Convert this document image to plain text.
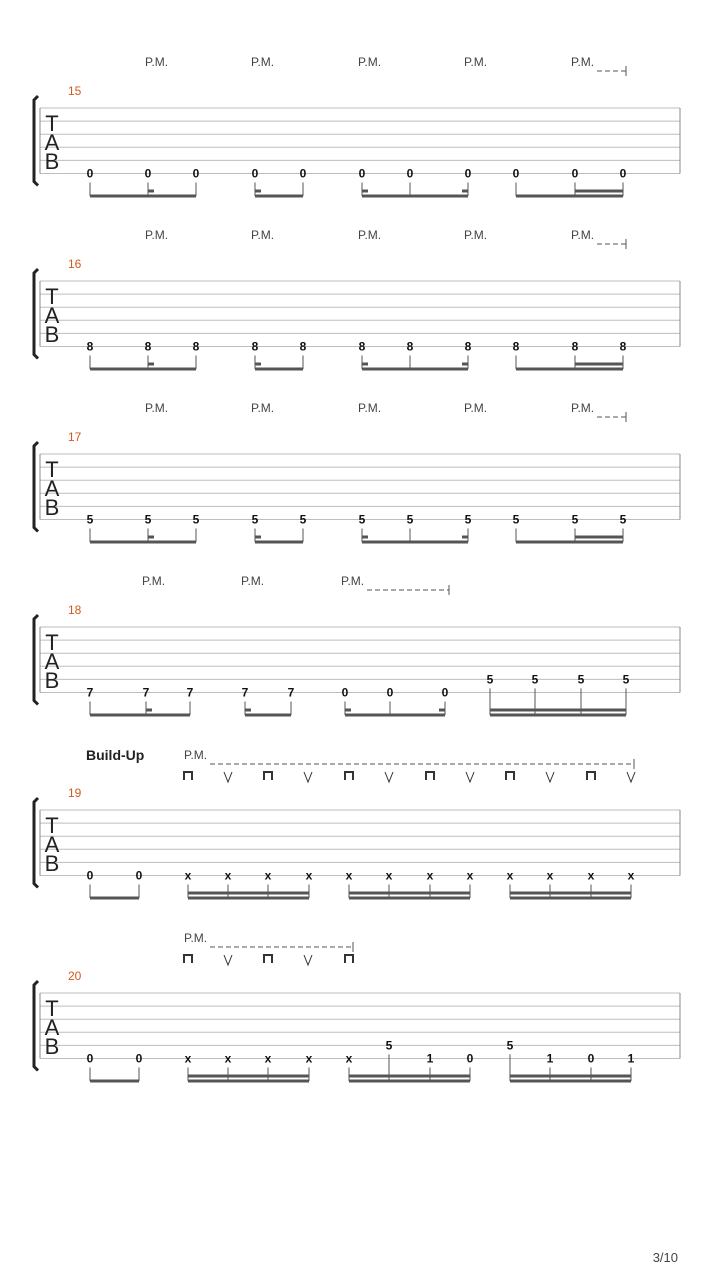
P.M.	P.M.	P.M.	P.M.	P.M.
T
A
B
15
0	0	0	0	0	0	0	0	0	0	0
P.M.	P.M.	P.M.	P.M.	P.M.
T
A
B
16
8	8	8	8	8	8	8	8	8	8	8
P.M.	P.M.	P.M.	P.M.	P.M.
T
A
B
17
5	5	5	5	5	5	5	5	5	5	5
P.M.	P.M.	P.M.
T
A
B
18
7	7	7	7	7	0	0	0
5	5	5	5
Build-Up	P.M.
T
A
B
19
0	0	x	x	x	x	x	x	x	x	x	x	x	x
P.M.
T
A
B
20
0	0	x	x	x	x	x
5
1	0
5
1	0	1
3/10
